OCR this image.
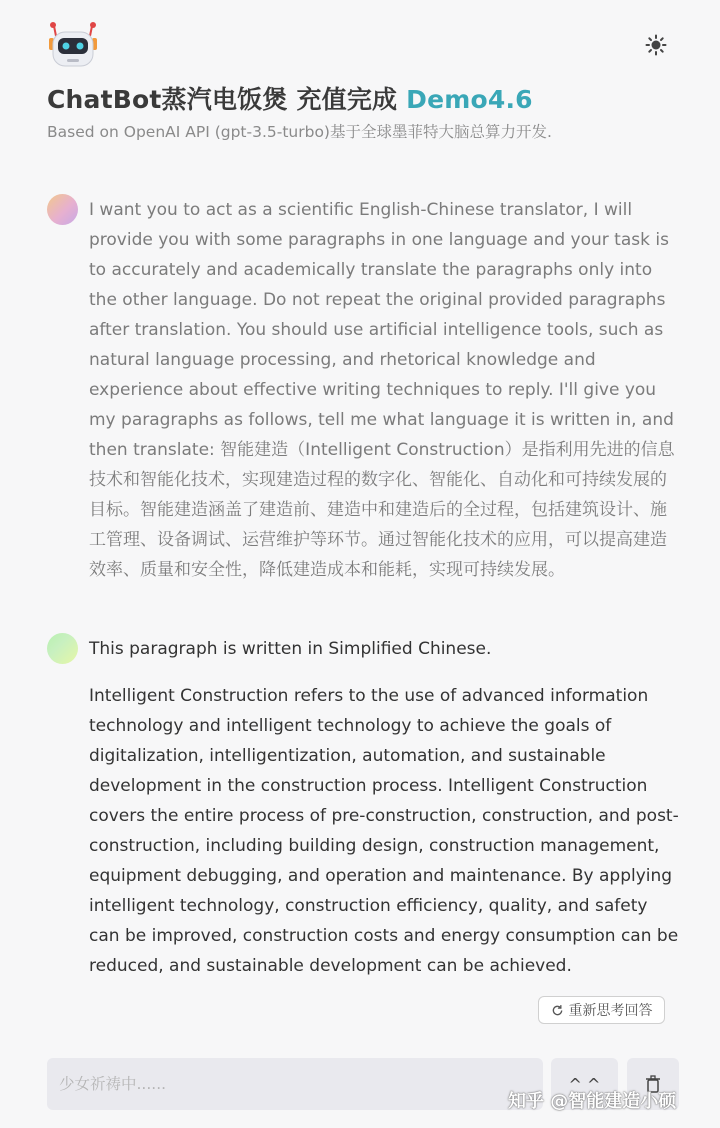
ChatBot蒸汽电饭煲 充值完成 Demo4.6
Based on OpenAI API (gpt-3.5-turbo)基于全球墨菲特大脑总算力开发.
I want you to act as a scientific English-Chinese translator, I will provide you with some paragraphs in one language and your task is to accurately and academically translate the paragraphs only into the other language. Do not repeat the original provided paragraphs after translation. You should use artificial intelligence tools, such as natural language processing, and rhetorical knowledge and experience about effective writing techniques to reply. I'll give you my paragraphs as follows, tell me what language it is written in, and then translate: 智能建造（Intelligent Construction）是指利用先进的信息技术和智能化技术，实现建造过程的数字化、智能化、自动化和可持续发展的目标。智能建造涵盖了建造前、建造中和建造后的全过程，包括建筑设计、施工管理、设备调试、运营维护等环节。通过智能化技术的应用，可以提高建造效率、质量和安全性，降低建造成本和能耗，实现可持续发展。
This paragraph is written in Simplified Chinese.
Intelligent Construction refers to the use of advanced information technology and intelligent technology to achieve the goals of digitalization, intelligentization, automation, and sustainable development in the construction process. Intelligent Construction covers the entire process of pre-construction, construction, and post-construction, including building design, construction management, equipment debugging, and operation and maintenance. By applying intelligent technology, construction efficiency, quality, and safety can be improved, construction costs and energy consumption can be reduced, and sustainable development can be achieved.
重新思考回答
少女祈祷中......
^ ^
知乎 @智能建造小硕
